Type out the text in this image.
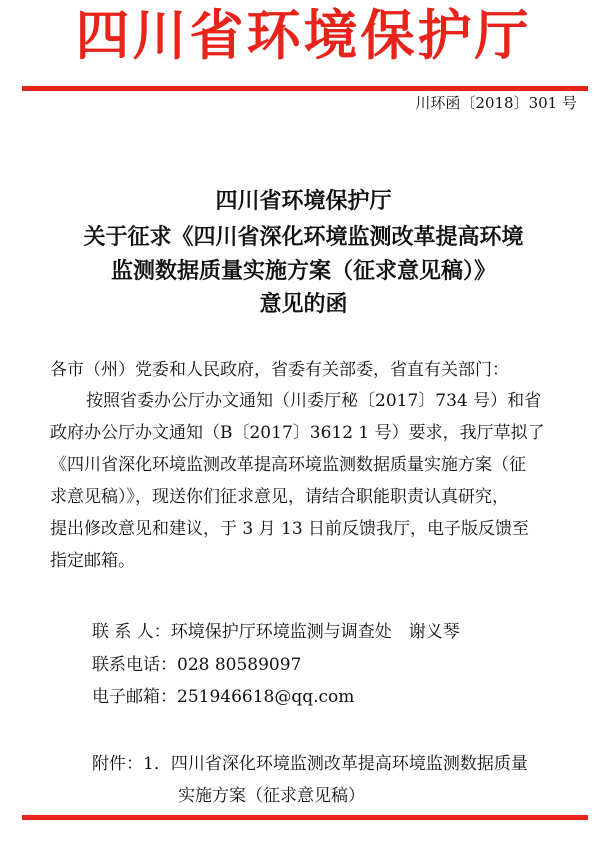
四川省环境保护厅
川环函〔2018〕301 号
四川省环境保护厅
关于征求《四川省深化环境监测改革提高环境
监测数据质量实施方案（征求意见稿）》
意见的函
各市（州）党委和人民政府，省委有关部委，省直有关部门：
按照省委办公厅办文通知（川委厅秘〔2017〕734 号）和省
政府办公厅办文通知（B〔2017〕3612 1 号）要求，我厅草拟了
《四川省深化环境监测改革提高环境监测数据质量实施方案（征
求意见稿）》，现送你们征求意见，请结合职能职责认真研究，
提出修改意见和建议，于 3 月 13 日前反馈我厅，电子版反馈至
指定邮箱。
联 系 人：环境保护厅环境监测与调查处　谢义琴
联系电话：028 80589097
电子邮箱：251946618@qq.com
附件：1．四川省深化环境监测改革提高环境监测数据质量
实施方案（征求意见稿）
